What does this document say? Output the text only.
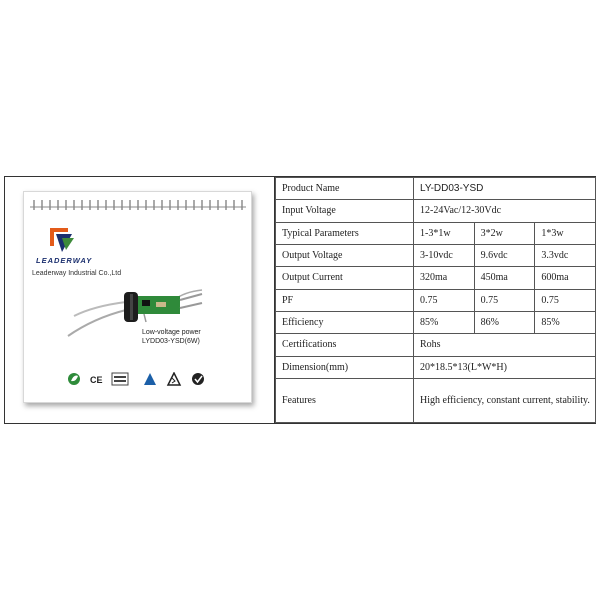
LEADERWAY
Leaderway Industrial Co.,Ltd
Low-voltage power
LYDD03-YSD(6W)
CE
Product Name	LY-DD03-YSD		
Input Voltage	12-24Vac/12-30Vdc		
Typical Parameters	1-3*1w	3*2w	1*3w
Output Voltage	3-10vdc	9.6vdc	3.3vdc
Output Current	320ma	450ma	600ma
PF	0.75	0.75	0.75
Efficiency	85%	86%	85%
Certifications	Rohs		
Dimension(mm)	20*18.5*13(L*W*H)		
Features	High efficiency, constant current, stability.		
